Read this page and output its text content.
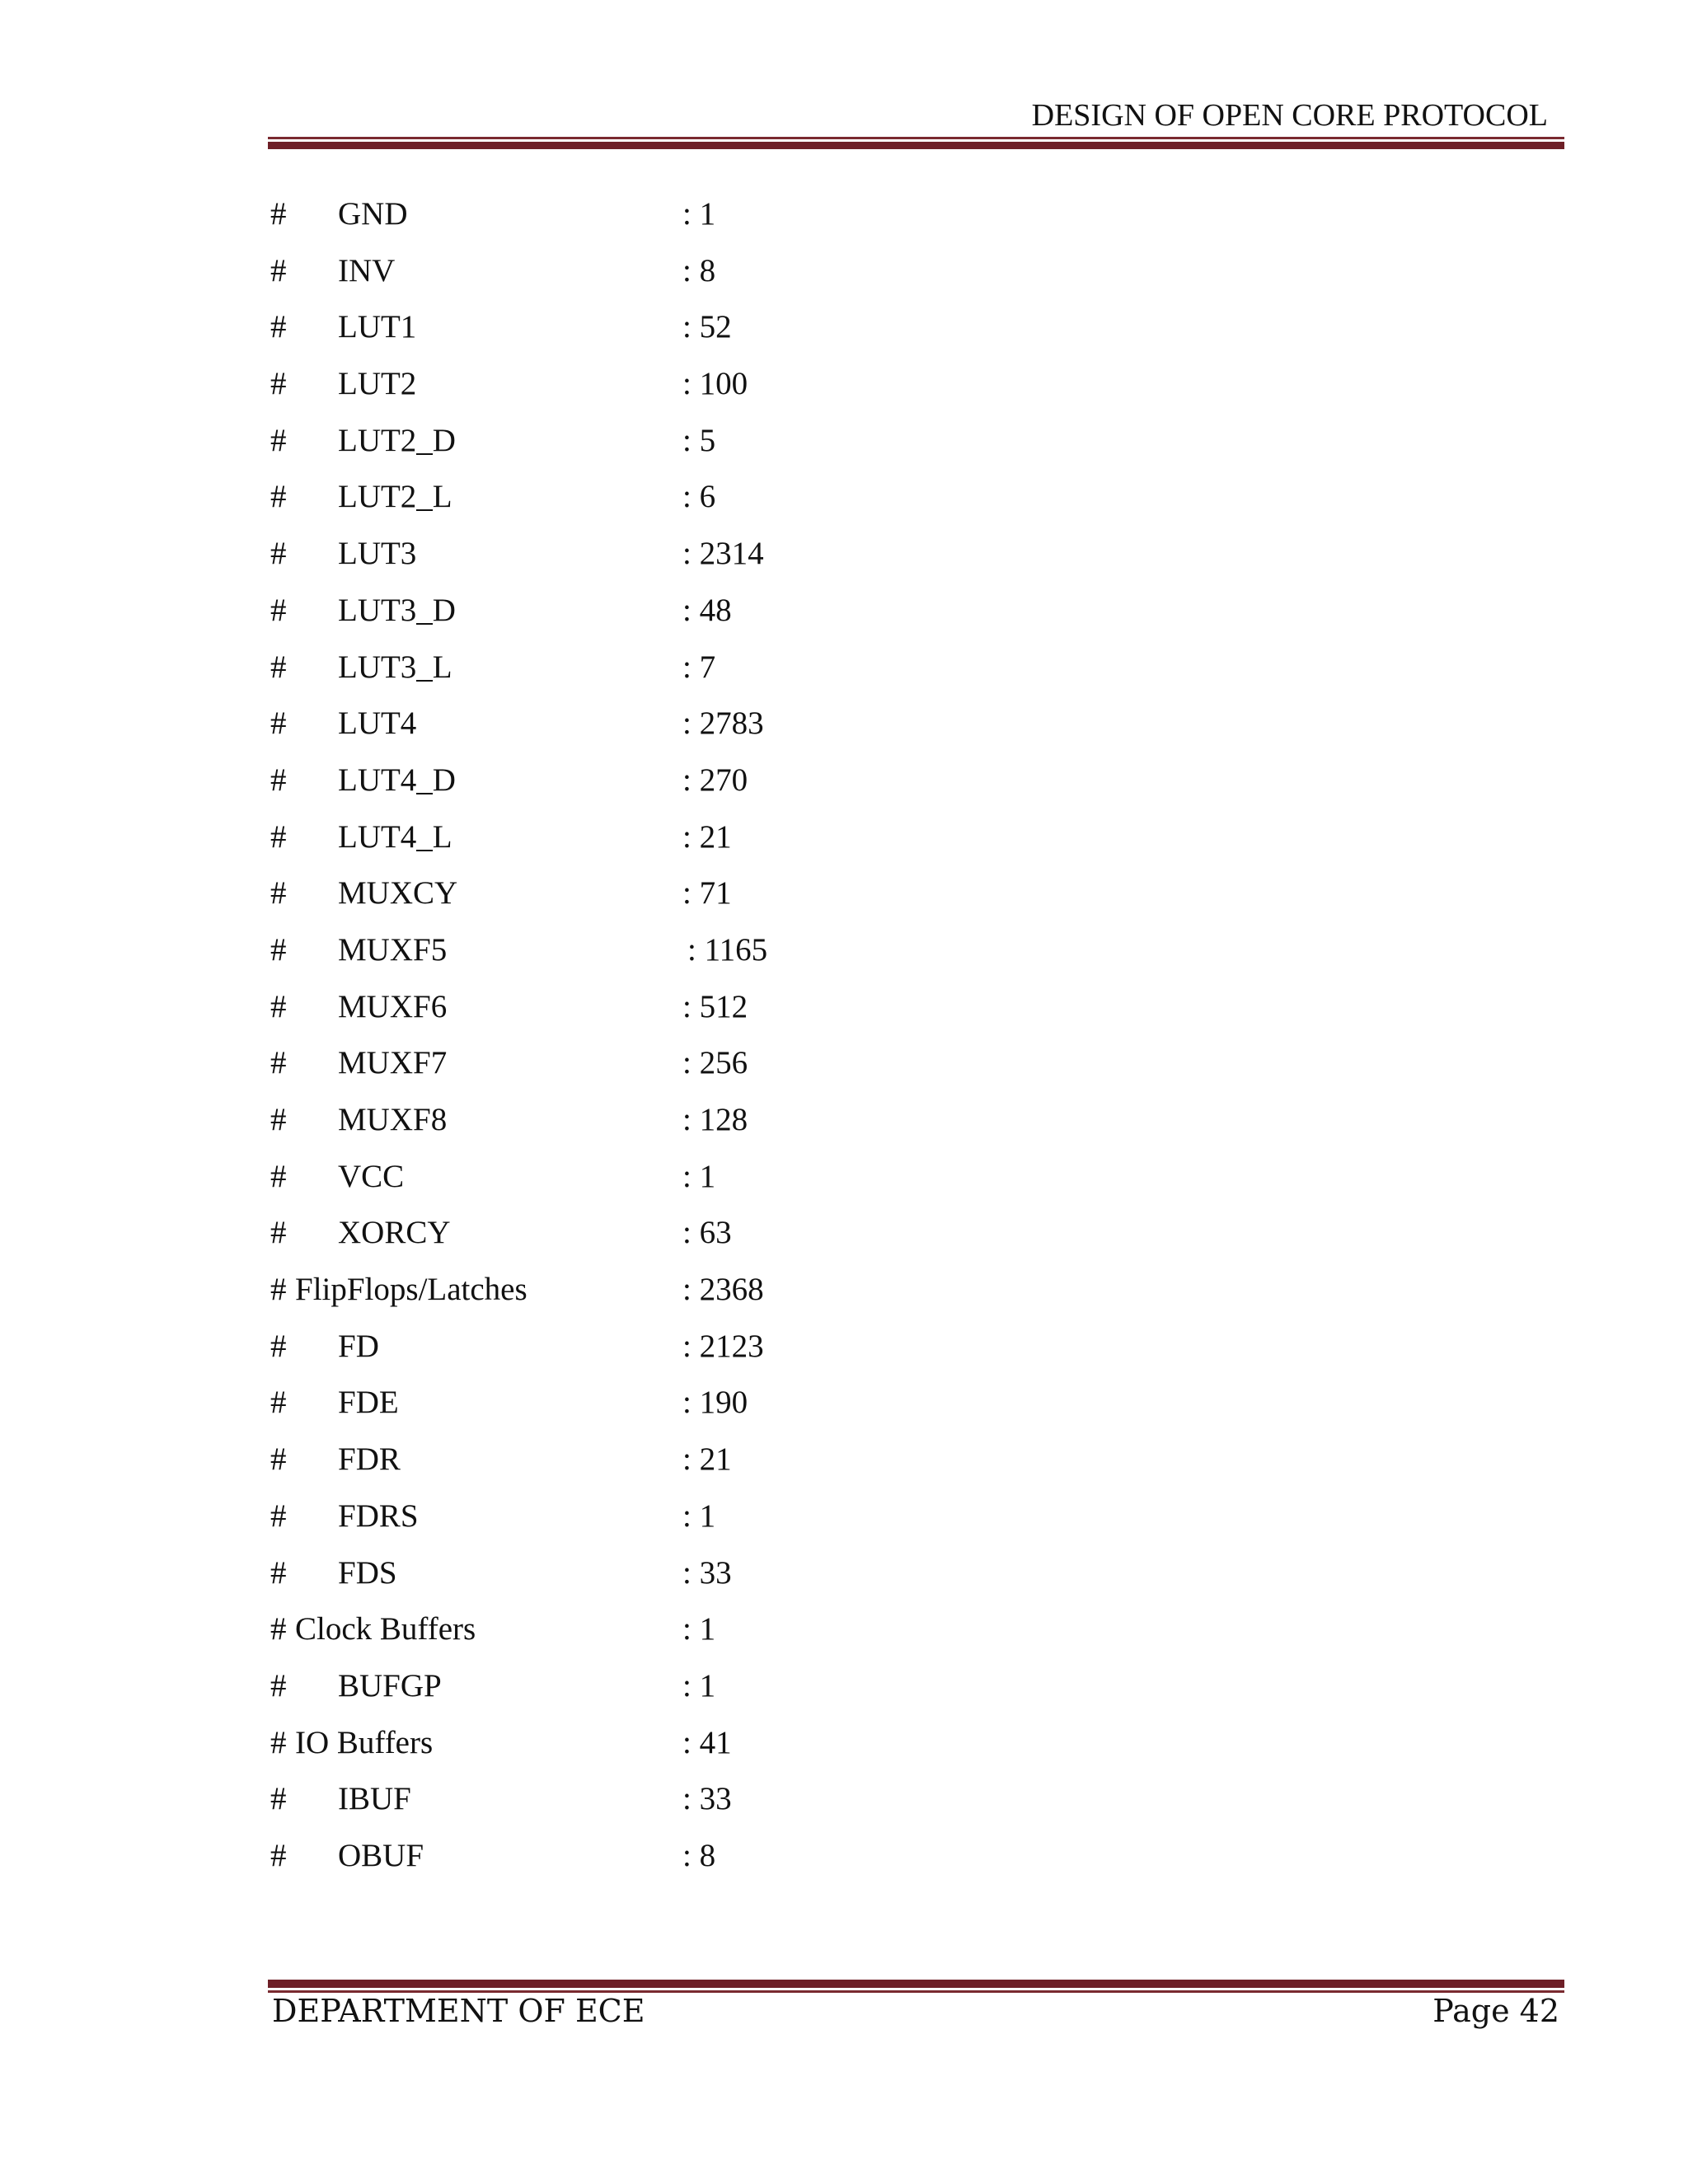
DESIGN OF OPEN CORE PROTOCOL
# GND	: 1
# INV	: 8
# LUT1	: 52
# LUT2	: 100
# LUT2_D	: 5
# LUT2_L	: 6
# LUT3	: 2314
# LUT3_D	: 48
# LUT3_L	: 7
# LUT4	: 2783
# LUT4_D	: 270
# LUT4_L	: 21
# MUXCY	: 71
# MUXF5	: 1165
# MUXF6	: 512
# MUXF7	: 256
# MUXF8	: 128
# VCC	: 1
# XORCY	: 63
# FlipFlops/Latches	: 2368
# FD	: 2123
# FDE	: 190
# FDR	: 21
# FDRS	: 1
# FDS	: 33
# Clock Buffers	: 1
# BUFGP	: 1
# IO Buffers	: 41
# IBUF	: 33
# OBUF	: 8
DEPARTMENT OF ECE	Page 42
